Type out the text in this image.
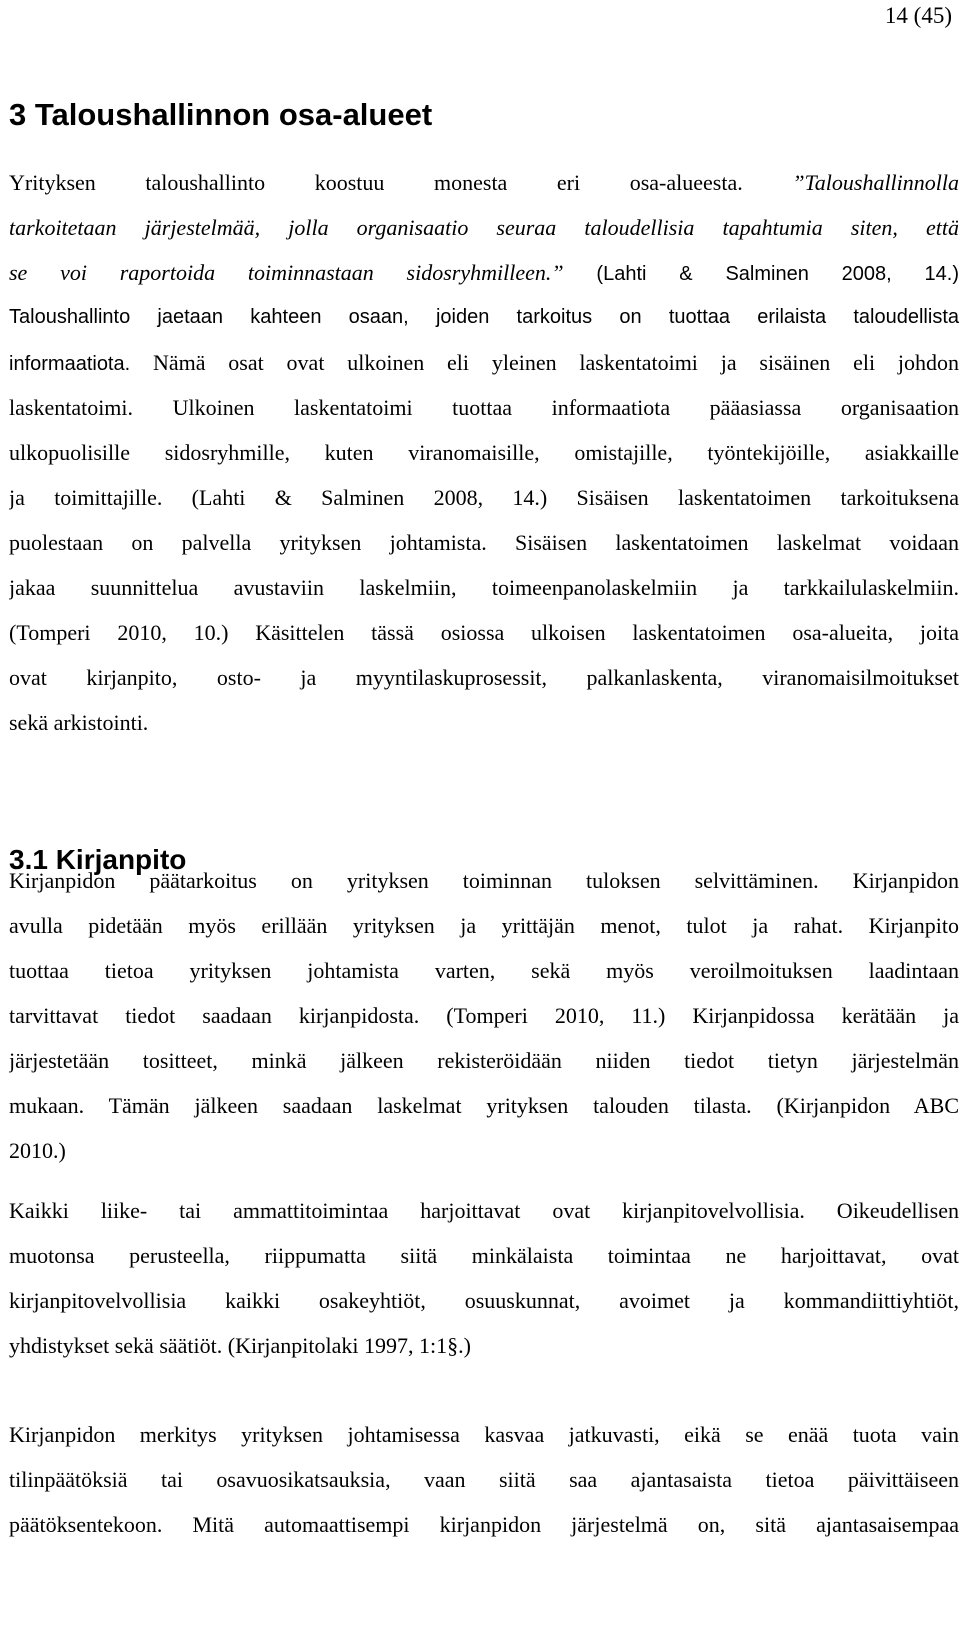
14 (45)
3 Taloushallinnon osa-alueet
Yrityksen taloushallinto koostuu monesta eri osa-alueesta. ”Taloushallinnolla
tarkoitetaan järjestelmää, jolla organisaatio seuraa taloudellisia tapahtumia siten, että
se voi raportoida toiminnastaan sidosryhmilleen.” (Lahti & Salminen 2008, 14.)
Taloushallinto jaetaan kahteen osaan, joiden tarkoitus on tuottaa erilaista taloudellista
informaatiota. Nämä osat ovat ulkoinen eli yleinen laskentatoimi ja sisäinen eli johdon
laskentatoimi. Ulkoinen laskentatoimi tuottaa informaatiota pääasiassa organisaation
ulkopuolisille sidosryhmille, kuten viranomaisille, omistajille, työntekijöille, asiakkaille
ja toimittajille. (Lahti & Salminen 2008, 14.) Sisäisen laskentatoimen tarkoituksena
puolestaan on palvella yrityksen johtamista. Sisäisen laskentatoimen laskelmat voidaan
jakaa suunnittelua avustaviin laskelmiin, toimeenpanolaskelmiin ja tarkkailulaskelmiin.
(Tomperi 2010, 10.) Käsittelen tässä osiossa ulkoisen laskentatoimen osa-alueita, joita
ovat kirjanpito, osto- ja myyntilaskuprosessit, palkanlaskenta, viranomaisilmoitukset
sekä arkistointi.
3.1 Kirjanpito
Kirjanpidon päätarkoitus on yrityksen toiminnan tuloksen selvittäminen. Kirjanpidon
avulla pidetään myös erillään yrityksen ja yrittäjän menot, tulot ja rahat. Kirjanpito
tuottaa tietoa yrityksen johtamista varten, sekä myös veroilmoituksen laadintaan
tarvittavat tiedot saadaan kirjanpidosta. (Tomperi 2010, 11.) Kirjanpidossa kerätään ja
järjestetään tositteet, minkä jälkeen rekisteröidään niiden tiedot tietyn järjestelmän
mukaan. Tämän jälkeen saadaan laskelmat yrityksen talouden tilasta. (Kirjanpidon ABC
2010.)
Kaikki liike- tai ammattitoimintaa harjoittavat ovat kirjanpitovelvollisia. Oikeudellisen
muotonsa perusteella, riippumatta siitä minkälaista toimintaa ne harjoittavat, ovat
kirjanpitovelvollisia kaikki osakeyhtiöt, osuuskunnat, avoimet ja kommandiittiyhtiöt,
yhdistykset sekä säätiöt. (Kirjanpitolaki 1997, 1:1§.)
Kirjanpidon merkitys yrityksen johtamisessa kasvaa jatkuvasti, eikä se enää tuota vain
tilinpäätöksiä tai osavuosikatsauksia, vaan siitä saa ajantasaista tietoa päivittäiseen
päätöksentekoon. Mitä automaattisempi kirjanpidon järjestelmä on, sitä ajantasaisempaa
